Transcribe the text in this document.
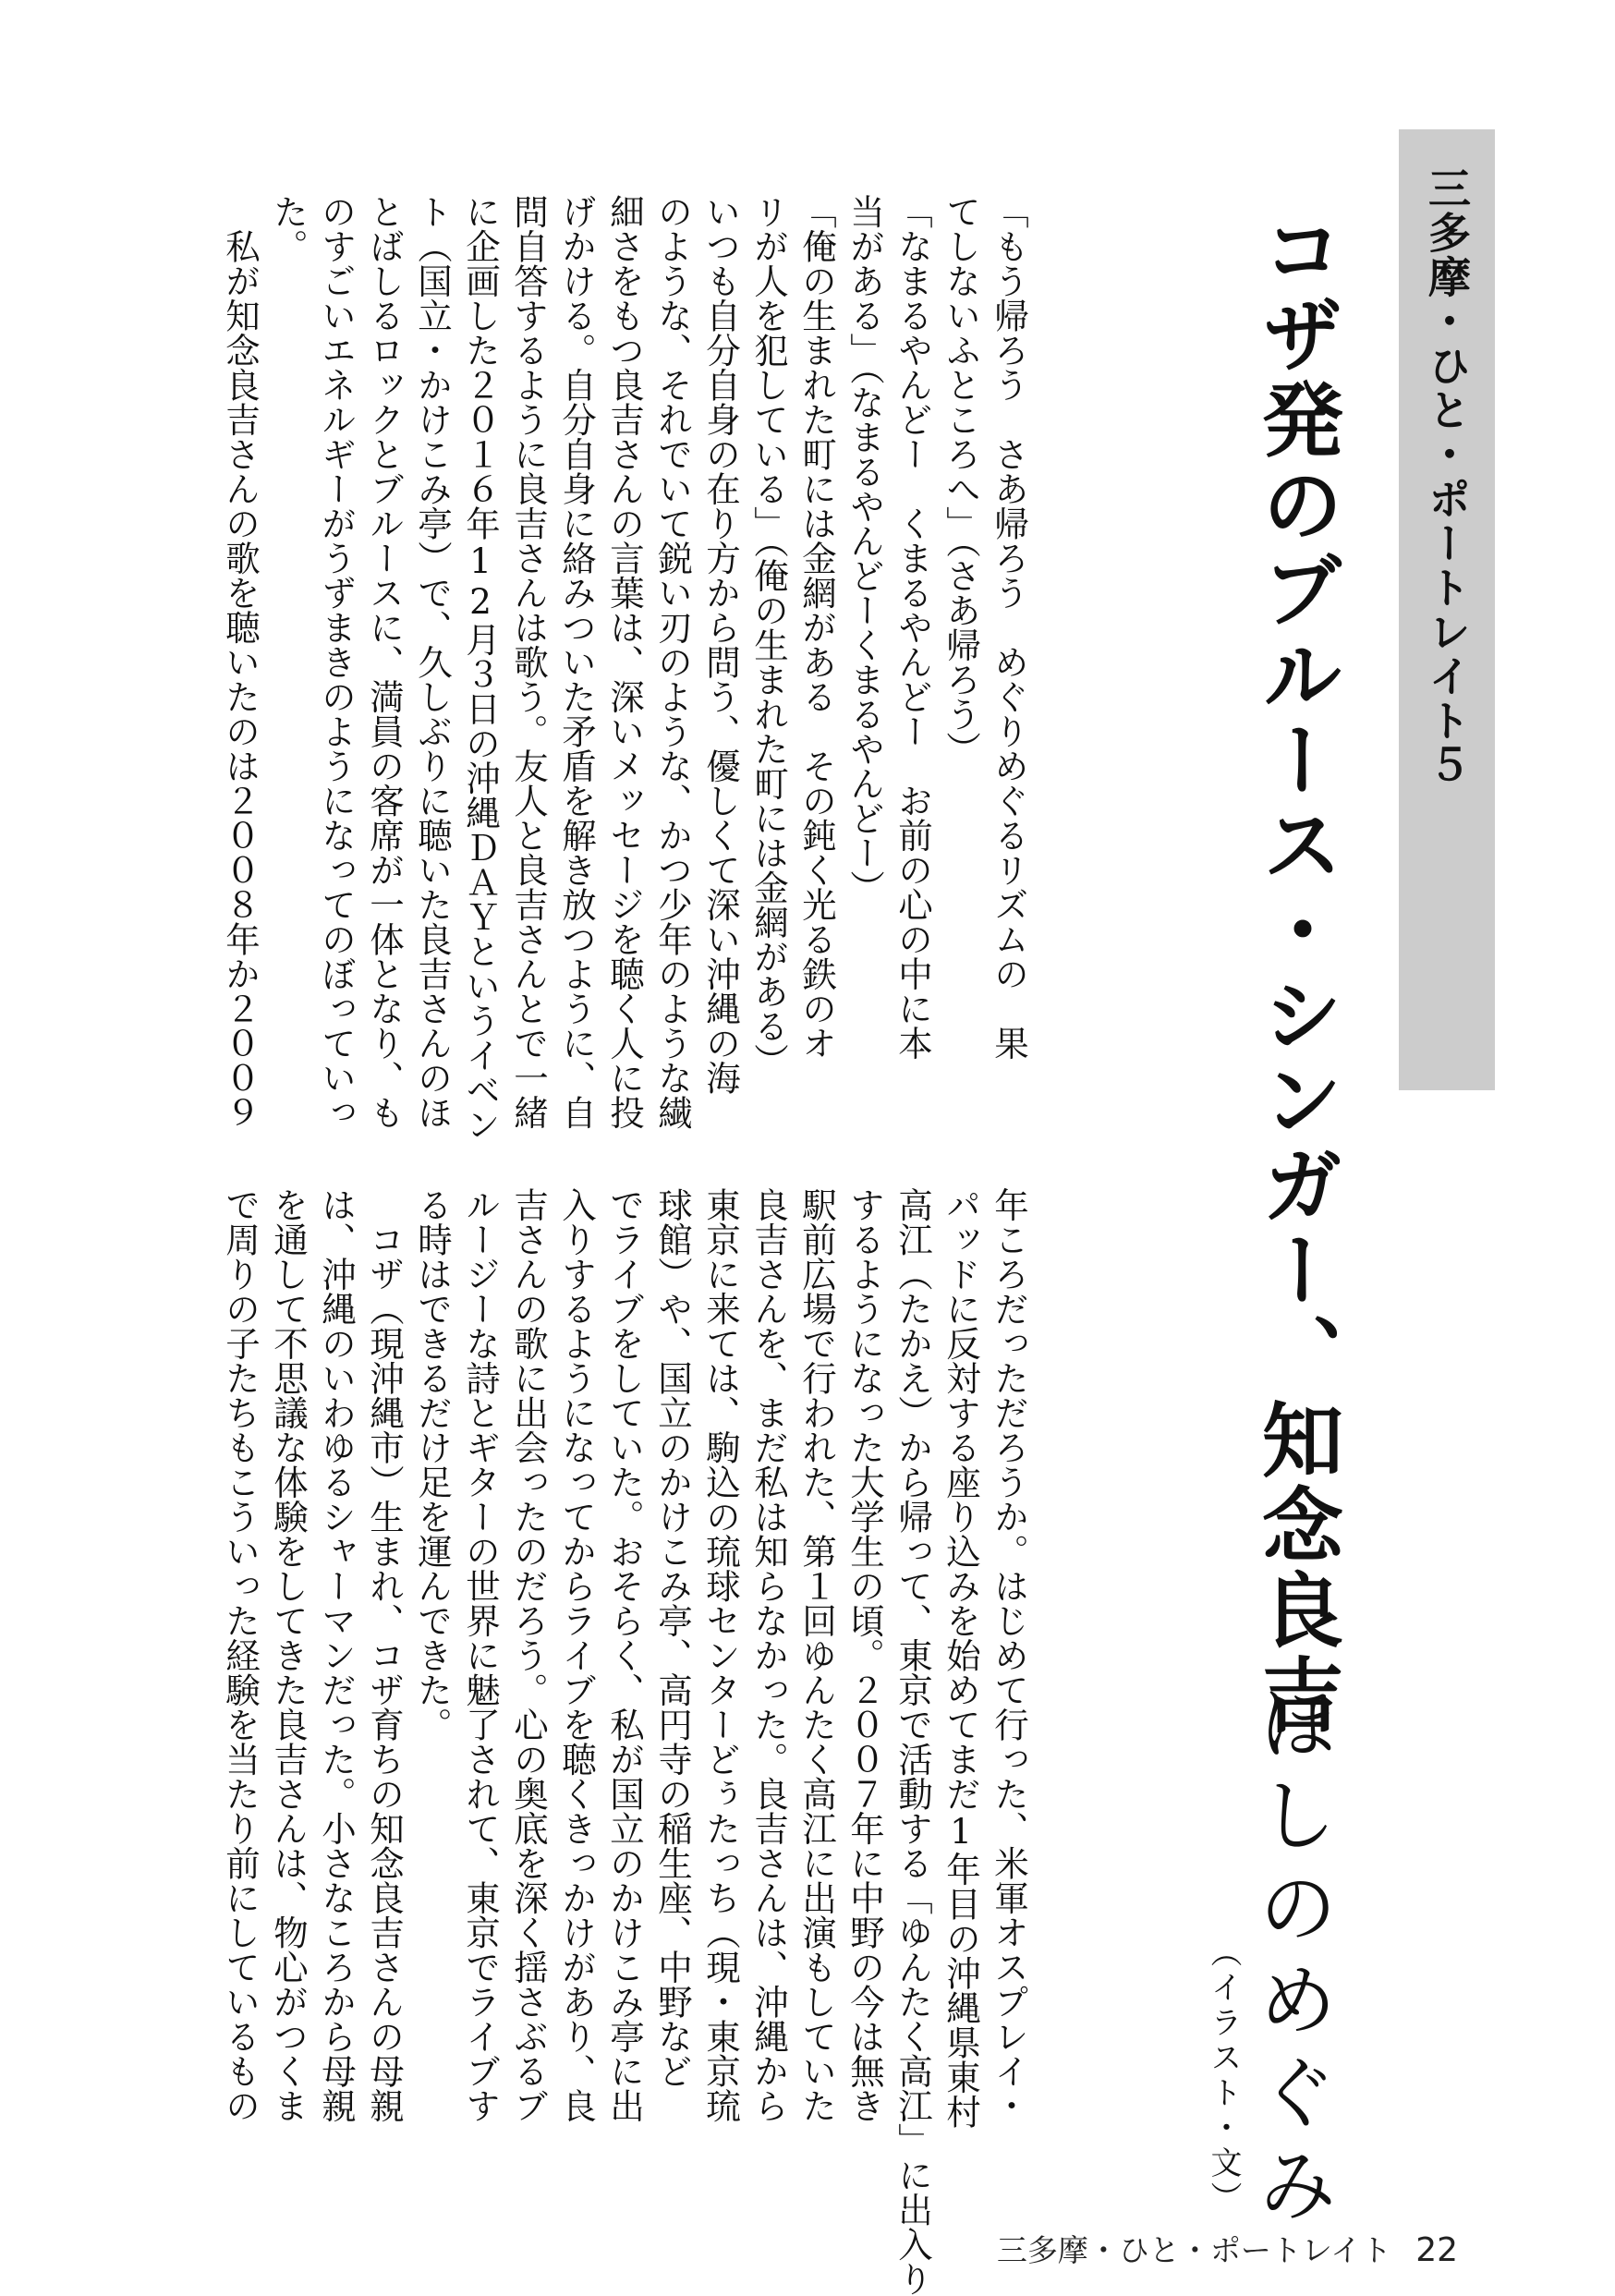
三多摩・ひと・ポートレイト５
コザ発のブルース・シンガー、知念良吉
ほしのめぐみ
（イラスト・文）

「もう帰ろう　さあ帰ろう　めぐりめぐるリズムの　果

てしないふところへ」（さあ帰ろう）

「なまるやんどー　くまるやんどー　お前の心の中に本

当がある」（なまるやんどーくまるやんどー）

「俺の生まれた町には金網がある　その鈍く光る鉄のオ

リが人を犯している」（俺の生まれた町には金網がある）

いつも自分自身の在り方から問う、優しくて深い沖縄の海

のような、それでいて鋭い刃のような、かつ少年のような繊

細さをもつ良吉さんの言葉は、深いメッセージを聴く人に投

げかける。自分自身に絡みついた矛盾を解き放つように、自

問自答するように良吉さんは歌う。友人と良吉さんとで一緒

に企画した２０１６年12月３日の沖縄ＤＡＹというイベン

ト（国立・かけこみ亭）で、久しぶりに聴いた良吉さんのほ

とばしるロックとブルースに、満員の客席が一体となり、も

のすごいエネルギーがうずまきのようになってのぼっていっ

た。

　私が知念良吉さんの歌を聴いたのは２００８年か２００９

年ころだっただろうか。はじめて行った、米軍オスプレイ・

パッドに反対する座り込みを始めてまだ1年目の沖縄県東村

高江（たかえ）から帰って、東京で活動する「ゆんたく高江」に出入り

するようになった大学生の頃。２００７年に中野の今は無き

駅前広場で行われた、第１回ゆんたく高江に出演もしていた

良吉さんを、まだ私は知らなかった。良吉さんは、沖縄から

東京に来ては、駒込の琉球センターどぅたっち（現・東京琉

球館）や、国立のかけこみ亭、高円寺の稲生座、中野など

でライブをしていた。おそらく、私が国立のかけこみ亭に出

入りするようになってからライブを聴くきっかけがあり、良

吉さんの歌に出会ったのだろう。心の奥底を深く揺さぶるブ

ルージーな詩とギターの世界に魅了されて、東京でライブす

る時はできるだけ足を運んできた。

　コザ（現沖縄市）生まれ、コザ育ちの知念良吉さんの母親

は、沖縄のいわゆるシャーマンだった。小さなころから母親

を通して不思議な体験をしてきた良吉さんは、物心がつくま

で周りの子たちもこういった経験を当たり前にしているもの

三多摩・ひと・ポートレイト 22
